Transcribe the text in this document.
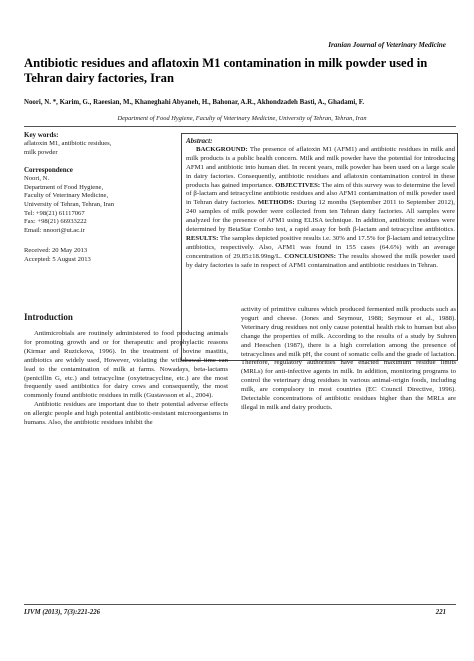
Iranian Journal of Veterinary Medicine
Antibiotic residues and aflatoxin M1 contamination in milk powder used in Tehran dairy factories, Iran
Noori, N. *, Karim, G., Raeesian, M., Khaneghahi Abyaneh, H., Bahonar, A.R., Akhondzadeh Basti, A., Ghadami, F.
Department of Food Hygiene, Faculty of Veterinary Medicine, University of Tehran, Tehran, Iran
Key words:
aflatoxin M1, antibiotic residues,
milk powder
Correspondence
Noori, N.
Department of Food Hygiene,
Faculty of Veterinary Medicine,
University of Tehran, Tehran, Iran
Tel: +98(21) 61117067
Fax: +98(21) 66933222
Email: nnoori@ut.ac.ir
Received: 20 May 2013
Accepted: 5 August 2013
Abstract:
BACKGROUND: The presence of aflatoxin M1 (AFM1) and antibiotic residues in milk and milk products is a public health concern. Milk and milk powder have the potential for introducing AFM1 and antibiotic into human diet. In recent years, milk powder has been used on a large scale in dairy factories. Consequently, antibiotic residues and aflatoxin contamination control in these products has gained importance. OBJECTIVES: The aim of this survey was to determine the level of β-lactam and tetracycline antibiotic residues and also AFM1 contamination of milk powder used in Tehran dairy factories. METHODS: During 12 months (September 2011 to September 2012), 240 samples of milk powder were collected from ten Tehran dairy factories. All samples were analyzed for the presence of AFM1 using ELISA technique. In addition, antibiotic residues were determined by BetaStar Combo test, a rapid assay for both β-lactam and tetracycline antibiotics. RESULTS: The samples depicted positive results i.e. 30% and 17.5% for β-lactam and tetracycline antibiotics, respectively. Also, AFM1 was found in 155 cases (64.6%) with an average concentration of 29.85±18.99ng/L. CONCLUSIONS: The results showed the milk powder used by dairy factories is safe in respect of AFM1 contamination and antibiotic residues in Tehran.
Introduction

Antimicrobials are routinely administered to food producing animals for promoting growth and or for therapeutic and prophylactic reasons (Kirmar and Ruzickova, 1996). In the treatment of bovine mastitis, antibiotics are widely used, However, violating the withdrawal time can lead to the contamination of milk at farms. Nowadays, beta-lactams (penicillin G, etc.) and tetracycline (oxytetracycline, etc.) are the most frequently used antibiotics for dairy cows and consequently, the most commonly found antibiotic residues in milk (Gustavsson et al., 2004).

Antibiotic residues are important due to their potential adverse effects on allergic people and high potential antibiotic-resistant microorganisms in humans. Also, the antibiotic residues inhibit the

activity of primitive cultures which produced fermented milk products such as yogurt and cheese. (Jones and Seymour, 1988; Seymour et al., 1988). Veterinary drug residues not only cause potential health risk to human but also change the properties of milk. According to the results of a study by Suhren and Heeschen (1987), there is a high correlation among the presence of tetracyclines and milk pH, the count of somatic cells and the grade of lactation. Therefore, regulatory authorities have enacted maximum residue limits (MRLs) for anti-infective agents in milk. In addition, monitoring programs to control the veterinary drug residues in various animal-origin foods, including milk, are compulsory in most countries (EC Council Directive, 1996). Detectable concentrations of antibiotic residues higher than the MRLs are illegal in milk and dairy products.

IJVM (2013), 7(3):221-226	221
